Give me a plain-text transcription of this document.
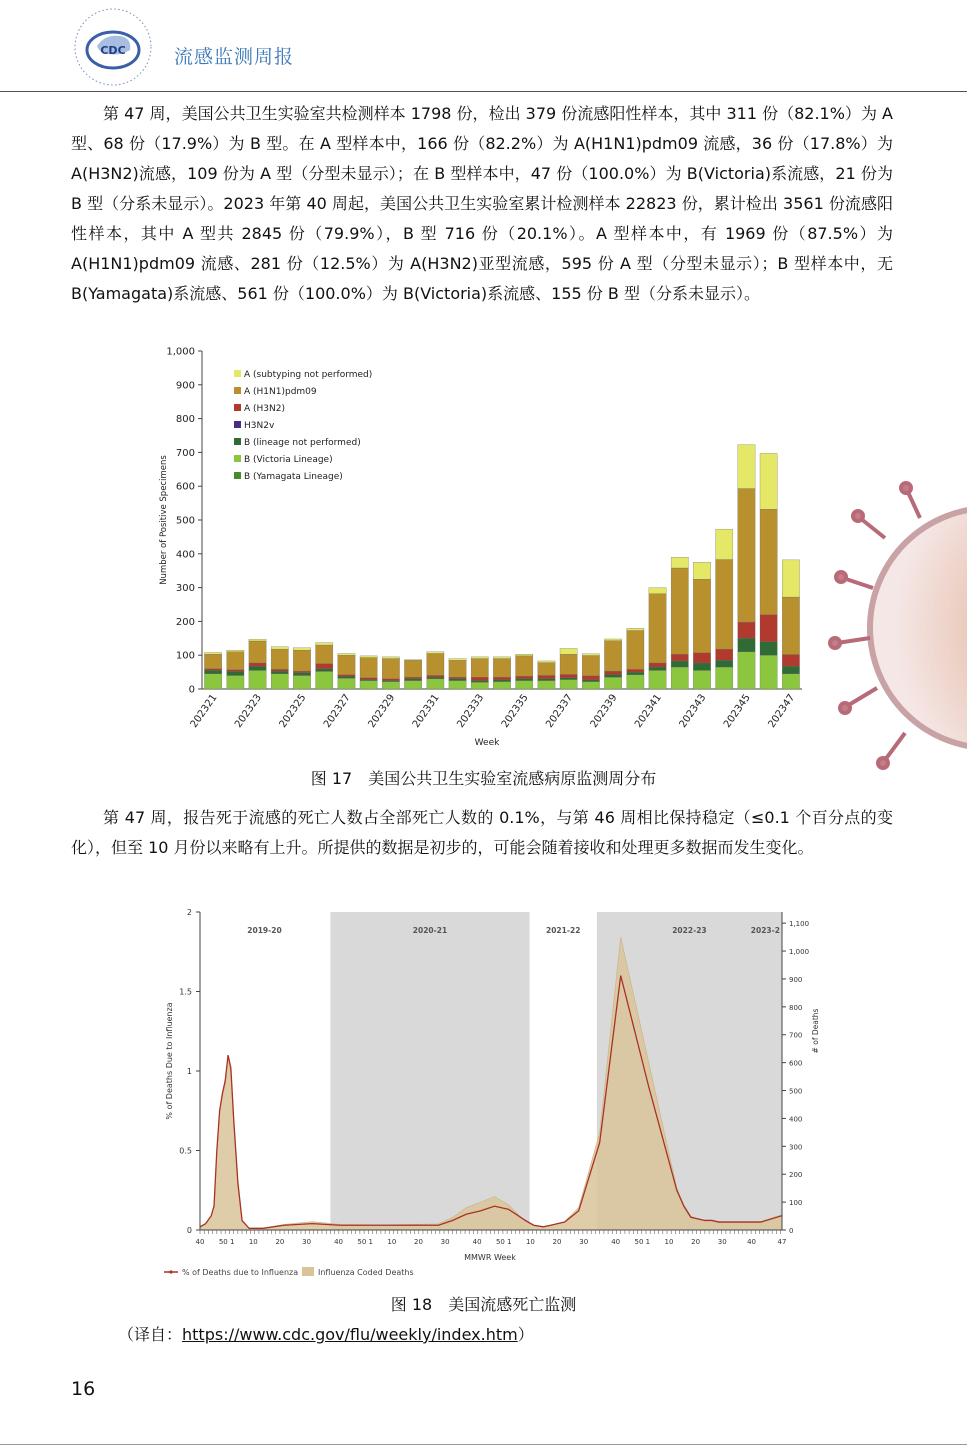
CDC	流感监测周报

第 47 周，美国公共卫生实验室共检测样本 1798 份，检出 379 份流感阳性样本，其中 311 份（82.1%）为 A 型、68 份（17.9%）为 B 型。在 A 型样本中，166 份（82.2%）为 A(H1N1)pdm09 流感，36 份（17.8%）为 A(H3N2)流感，109 份为 A 型（分型未显示）；在 B 型样本中，47 份（100.0%）为 B(Victoria)系流感，21 份为 B 型（分系未显示）。2023 年第 40 周起，美国公共卫生实验室累计检测样本 22823 份，累计检出 3561 份流感阳性样本，其中 A 型共 2845 份（79.9%），B 型 716 份（20.1%）。A 型样本中，有 1969 份（87.5%）为 A(H1N1)pdm09 流感、281 份（12.5%）为 A(H3N2)亚型流感，595 份 A 型（分型未显示）；B 型样本中，无 B(Yamagata)系流感、561 份（100.0%）为 B(Victoria)系流感、155 份 B 型（分系未显示）。

0
100
200
300
400
500
600
700
800
900
1,000
Number of Positive Specimens
202321 202323 202325 202327 202329 202331 202333 202335 202337 202339 202341 202343 202345 202347
Week
A (subtyping not performed)
A (H1N1)pdm09
A (H3N2)
H3N2v
B (lineage not performed)
B (Victoria Lineage)
B (Yamagata Lineage)
图 17　美国公共卫生实验室流感病原监测周分布

第 47 周，报告死于流感的死亡人数占全部死亡人数的 0.1%，与第 46 周相比保持稳定（≤0.1 个百分点的变化），但至 10 月份以来略有上升。所提供的数据是初步的，可能会随着接收和处理更多数据而发生变化。

2019-20	2020-21	2021-22	2022-23	2023-2
0
0.5
1
1.5
2
0
100
200
300
400
500
600
700
800
900
1,000
1,100
40 50 1 10	20	30	40 50 1 10	20	30	40 50 1 10	20	30	40 50 1 10	20	30	40	47
% of Deaths Due to Influenza	# of Deaths
MMWR Week
% of Deaths due to Influenza Influenza Coded Deaths
图 18　美国流感死亡监测
（译自：https://www.cdc.gov/flu/weekly/index.htm）
16
